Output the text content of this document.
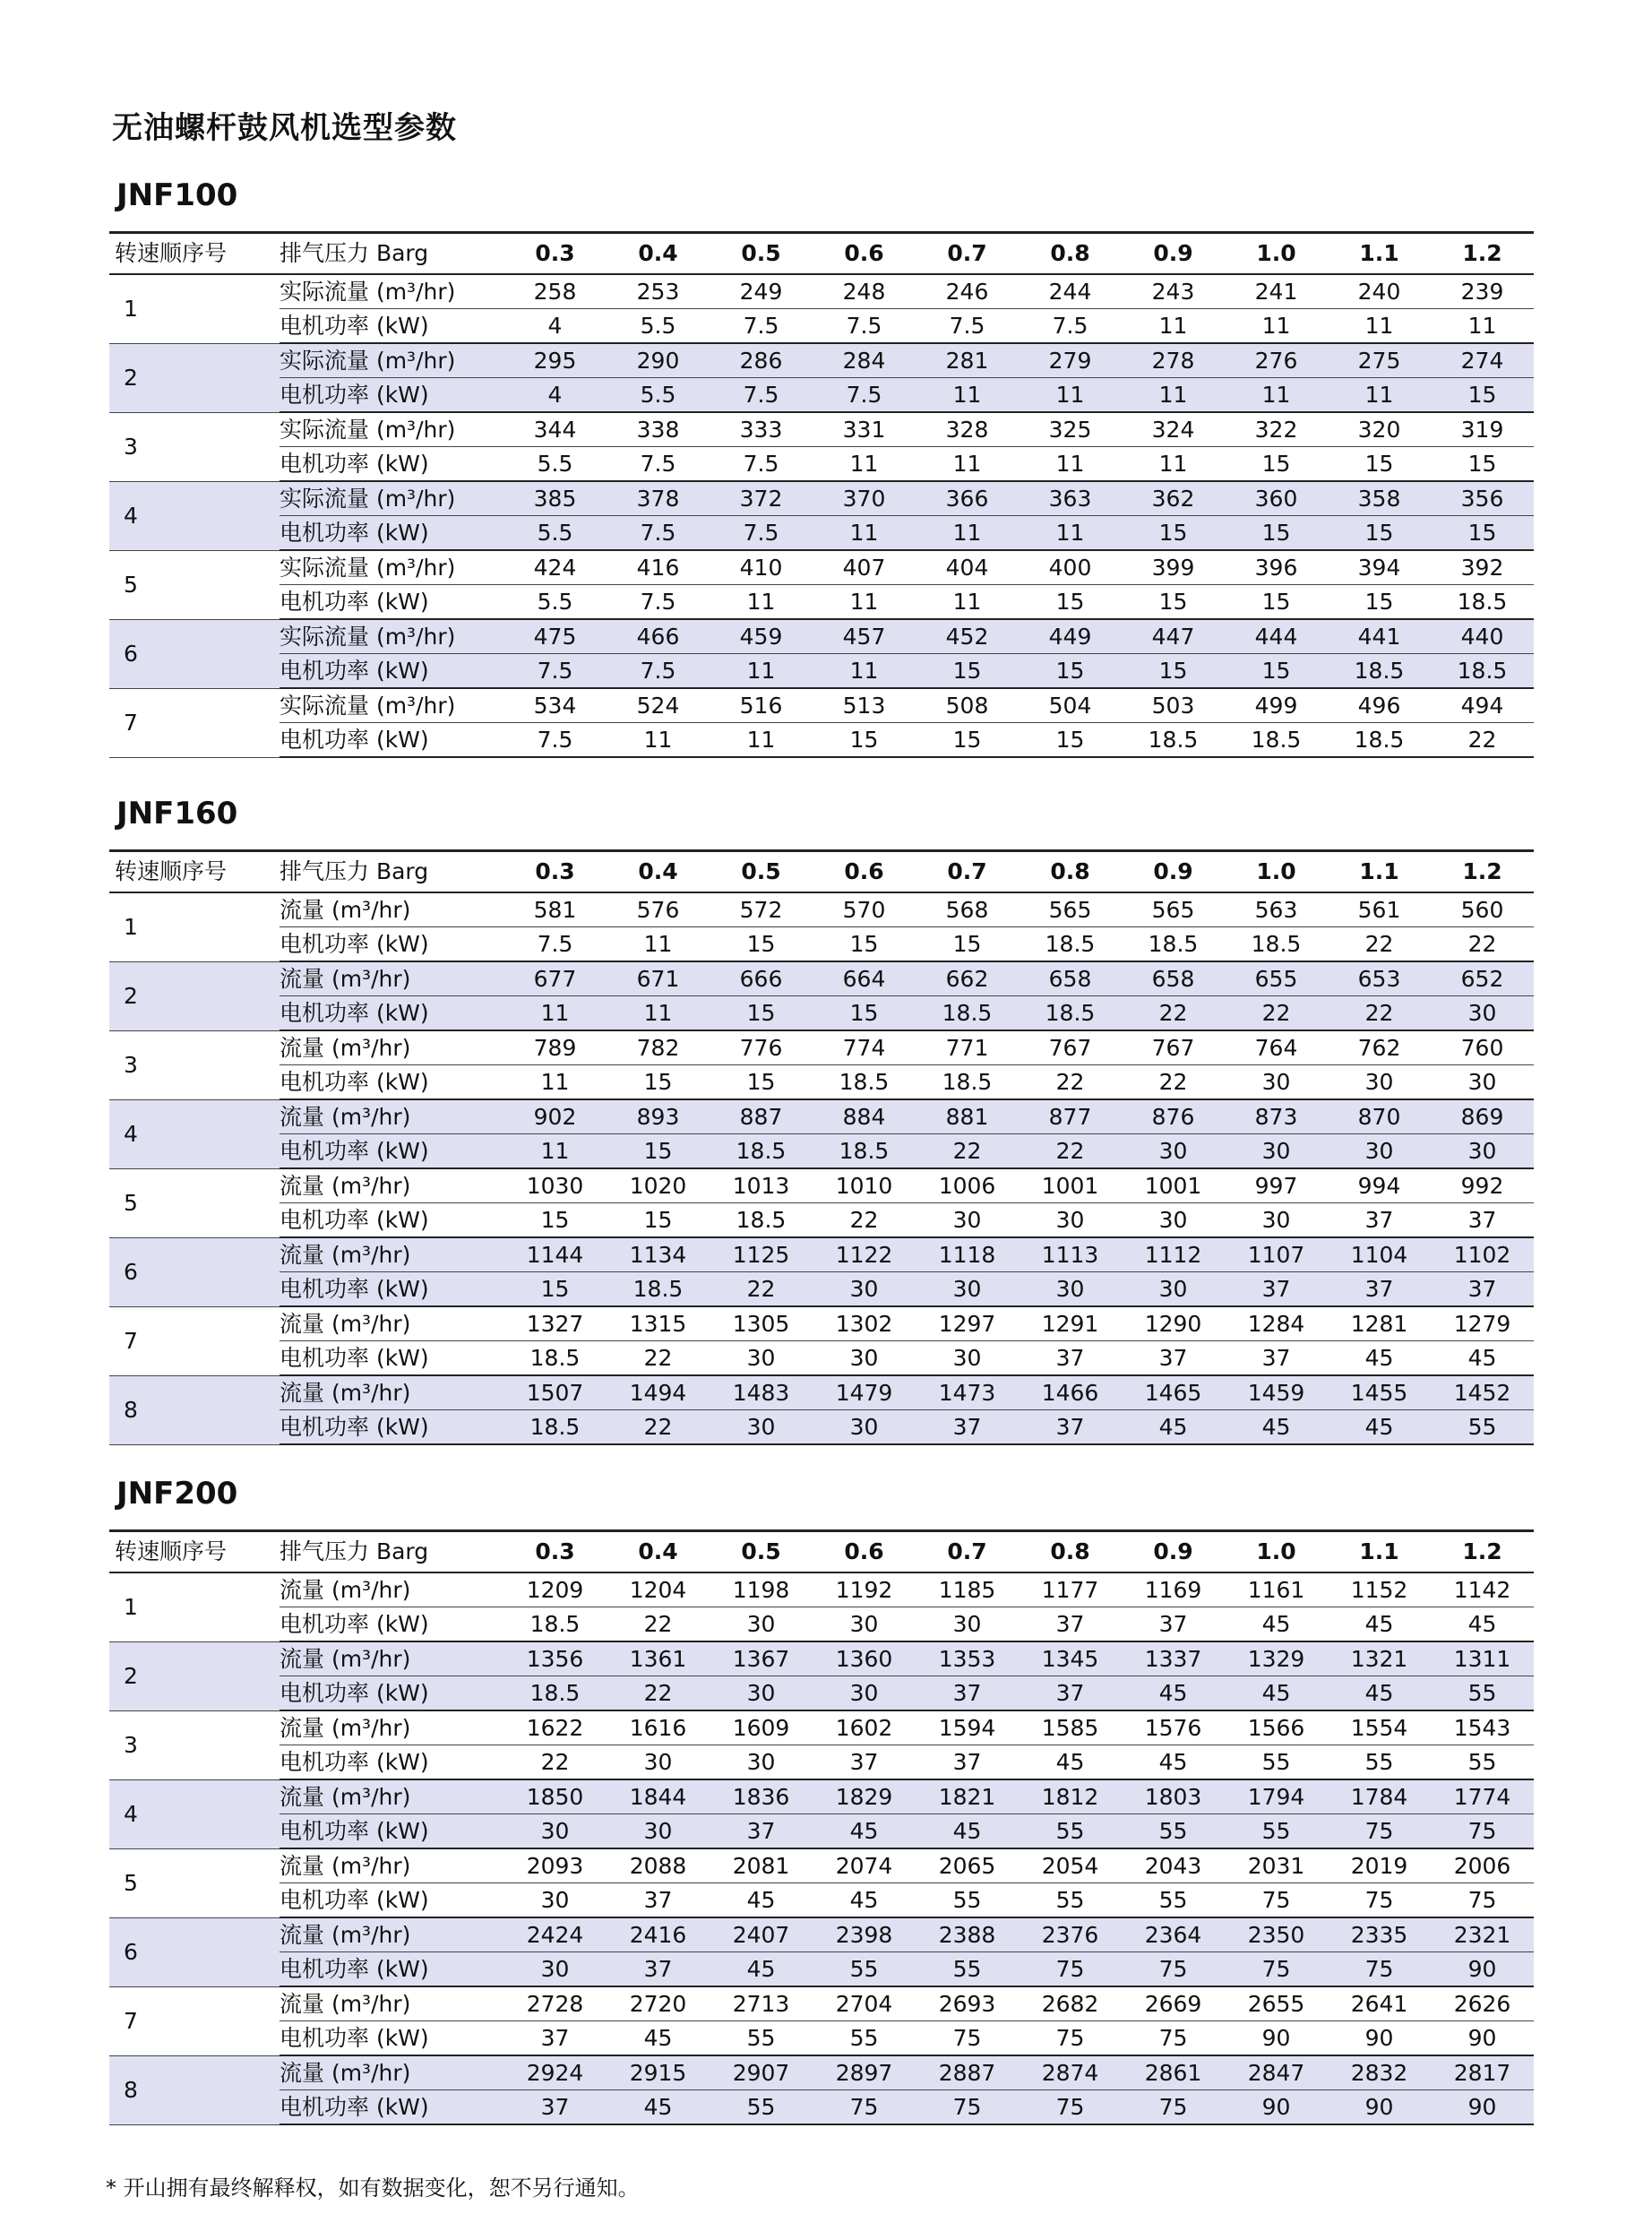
无油螺杆鼓风机选型参数
JNF100
转速顺序号	排气压力 Barg	0.3	0.4	0.5	0.6	0.7	0.8	0.9	1.0	1.1	1.2
1	实际流量 (m³/hr)	258	253	249	248	246	244	243	241	240	239
	电机功率 (kW)	4	5.5	7.5	7.5	7.5	7.5	11	11	11	11
2	实际流量 (m³/hr)	295	290	286	284	281	279	278	276	275	274
	电机功率 (kW)	4	5.5	7.5	7.5	11	11	11	11	11	15
3	实际流量 (m³/hr)	344	338	333	331	328	325	324	322	320	319
	电机功率 (kW)	5.5	7.5	7.5	11	11	11	11	15	15	15
4	实际流量 (m³/hr)	385	378	372	370	366	363	362	360	358	356
	电机功率 (kW)	5.5	7.5	7.5	11	11	11	15	15	15	15
5	实际流量 (m³/hr)	424	416	410	407	404	400	399	396	394	392
	电机功率 (kW)	5.5	7.5	11	11	11	15	15	15	15	18.5
6	实际流量 (m³/hr)	475	466	459	457	452	449	447	444	441	440
	电机功率 (kW)	7.5	7.5	11	11	15	15	15	15	18.5	18.5
7	实际流量 (m³/hr)	534	524	516	513	508	504	503	499	496	494
	电机功率 (kW)	7.5	11	11	15	15	15	18.5	18.5	18.5	22
JNF160
转速顺序号	排气压力 Barg	0.3	0.4	0.5	0.6	0.7	0.8	0.9	1.0	1.1	1.2
1	流量 (m³/hr)	581	576	572	570	568	565	565	563	561	560
	电机功率 (kW)	7.5	11	15	15	15	18.5	18.5	18.5	22	22
2	流量 (m³/hr)	677	671	666	664	662	658	658	655	653	652
	电机功率 (kW)	11	11	15	15	18.5	18.5	22	22	22	30
3	流量 (m³/hr)	789	782	776	774	771	767	767	764	762	760
	电机功率 (kW)	11	15	15	18.5	18.5	22	22	30	30	30
4	流量 (m³/hr)	902	893	887	884	881	877	876	873	870	869
	电机功率 (kW)	11	15	18.5	18.5	22	22	30	30	30	30
5	流量 (m³/hr)	1030	1020	1013	1010	1006	1001	1001	997	994	992
	电机功率 (kW)	15	15	18.5	22	30	30	30	30	37	37
6	流量 (m³/hr)	1144	1134	1125	1122	1118	1113	1112	1107	1104	1102
	电机功率 (kW)	15	18.5	22	30	30	30	30	37	37	37
7	流量 (m³/hr)	1327	1315	1305	1302	1297	1291	1290	1284	1281	1279
	电机功率 (kW)	18.5	22	30	30	30	37	37	37	45	45
8	流量 (m³/hr)	1507	1494	1483	1479	1473	1466	1465	1459	1455	1452
	电机功率 (kW)	18.5	22	30	30	37	37	45	45	45	55
JNF200
转速顺序号	排气压力 Barg	0.3	0.4	0.5	0.6	0.7	0.8	0.9	1.0	1.1	1.2
1	流量 (m³/hr)	1209	1204	1198	1192	1185	1177	1169	1161	1152	1142
	电机功率 (kW)	18.5	22	30	30	30	37	37	45	45	45
2	流量 (m³/hr)	1356	1361	1367	1360	1353	1345	1337	1329	1321	1311
	电机功率 (kW)	18.5	22	30	30	37	37	45	45	45	55
3	流量 (m³/hr)	1622	1616	1609	1602	1594	1585	1576	1566	1554	1543
	电机功率 (kW)	22	30	30	37	37	45	45	55	55	55
4	流量 (m³/hr)	1850	1844	1836	1829	1821	1812	1803	1794	1784	1774
	电机功率 (kW)	30	30	37	45	45	55	55	55	75	75
5	流量 (m³/hr)	2093	2088	2081	2074	2065	2054	2043	2031	2019	2006
	电机功率 (kW)	30	37	45	45	55	55	55	75	75	75
6	流量 (m³/hr)	2424	2416	2407	2398	2388	2376	2364	2350	2335	2321
	电机功率 (kW)	30	37	45	55	55	75	75	75	75	90
7	流量 (m³/hr)	2728	2720	2713	2704	2693	2682	2669	2655	2641	2626
	电机功率 (kW)	37	45	55	55	75	75	75	90	90	90
8	流量 (m³/hr)	2924	2915	2907	2897	2887	2874	2861	2847	2832	2817
	电机功率 (kW)	37	45	55	75	75	75	75	90	90	90
* 开山拥有最终解释权，如有数据变化，恕不另行通知。
